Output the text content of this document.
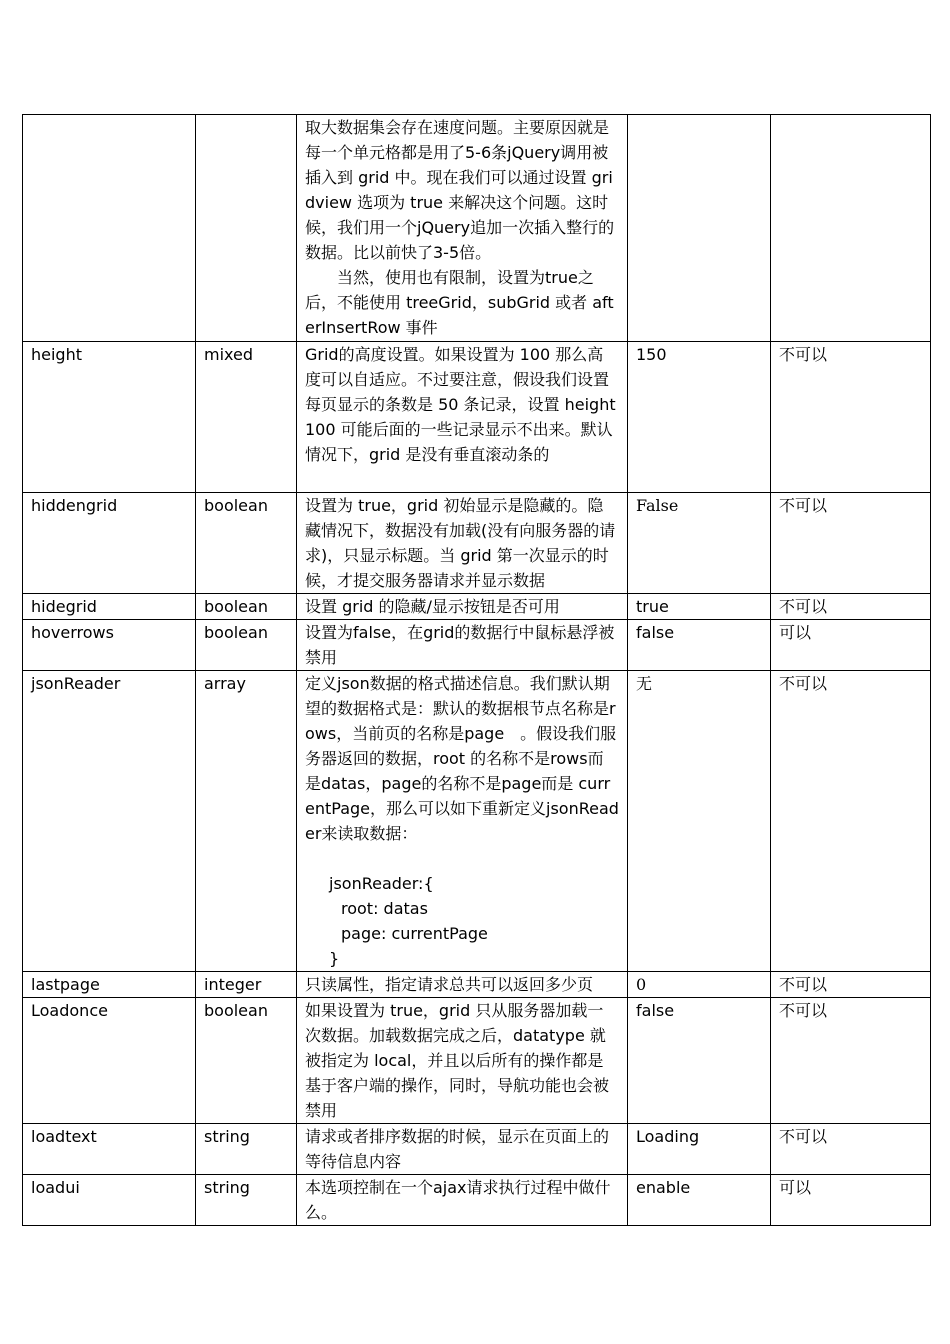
		取大数据集会存在速度问题。主要原因就是每一个单元格都是用了5-6条jQuery调用被插入到 grid 中。现在我们可以通过设置 gridview 选项为 true 来解决这个问题。这时候，我们用一个jQuery追加一次插入整行的数据。比以前快了3-5倍。

当然，使用也有限制，设置为true之后，不能使用 treeGrid，subGrid 或者 afterInsertRow 事件		

height	mixed	Grid的高度设置。如果设置为 100 那么高度可以自适应。不过要注意，假设我们设置每页显示的条数是 50 条记录，设置 height 100 可能后面的一些记录显示不出来。默认情况下，grid 是没有垂直滚动条的	150	不可以
hiddengrid	boolean	设置为 true，grid 初始显示是隐藏的。隐藏情况下，数据没有加载(没有向服务器的请求)，只显示标题。当 grid 第一次显示的时候，才提交服务器请求并显示数据	False	不可以
hidegrid	boolean	设置 grid 的隐藏/显示按钮是否可用	true	不可以
hoverrows	boolean	设置为false，在grid的数据行中鼠标悬浮被禁用	false	可以
jsonReader	array	定义json数据的格式描述信息。我们默认期望的数据格式是：默认的数据根节点名称是rows，当前页的名称是page　。假设我们服务器返回的数据，root 的名称不是rows而是datas，page的名称不是page而是 currentPage，那么可以如下重新定义jsonReader来读取数据：

jsonReader:{
root: datas
page: currentPage
}	无	不可以
lastpage	integer	只读属性，指定请求总共可以返回多少页	0	不可以
Loadonce	boolean	如果设置为 true，grid 只从服务器加载一次数据。加载数据完成之后，datatype 就被指定为 local，并且以后所有的操作都是基于客户端的操作，同时，导航功能也会被禁用	false	不可以
loadtext	string	请求或者排序数据的时候，显示在页面上的等待信息内容	Loading	不可以
loadui	string	本选项控制在一个ajax请求执行过程中做什么。	enable	可以
